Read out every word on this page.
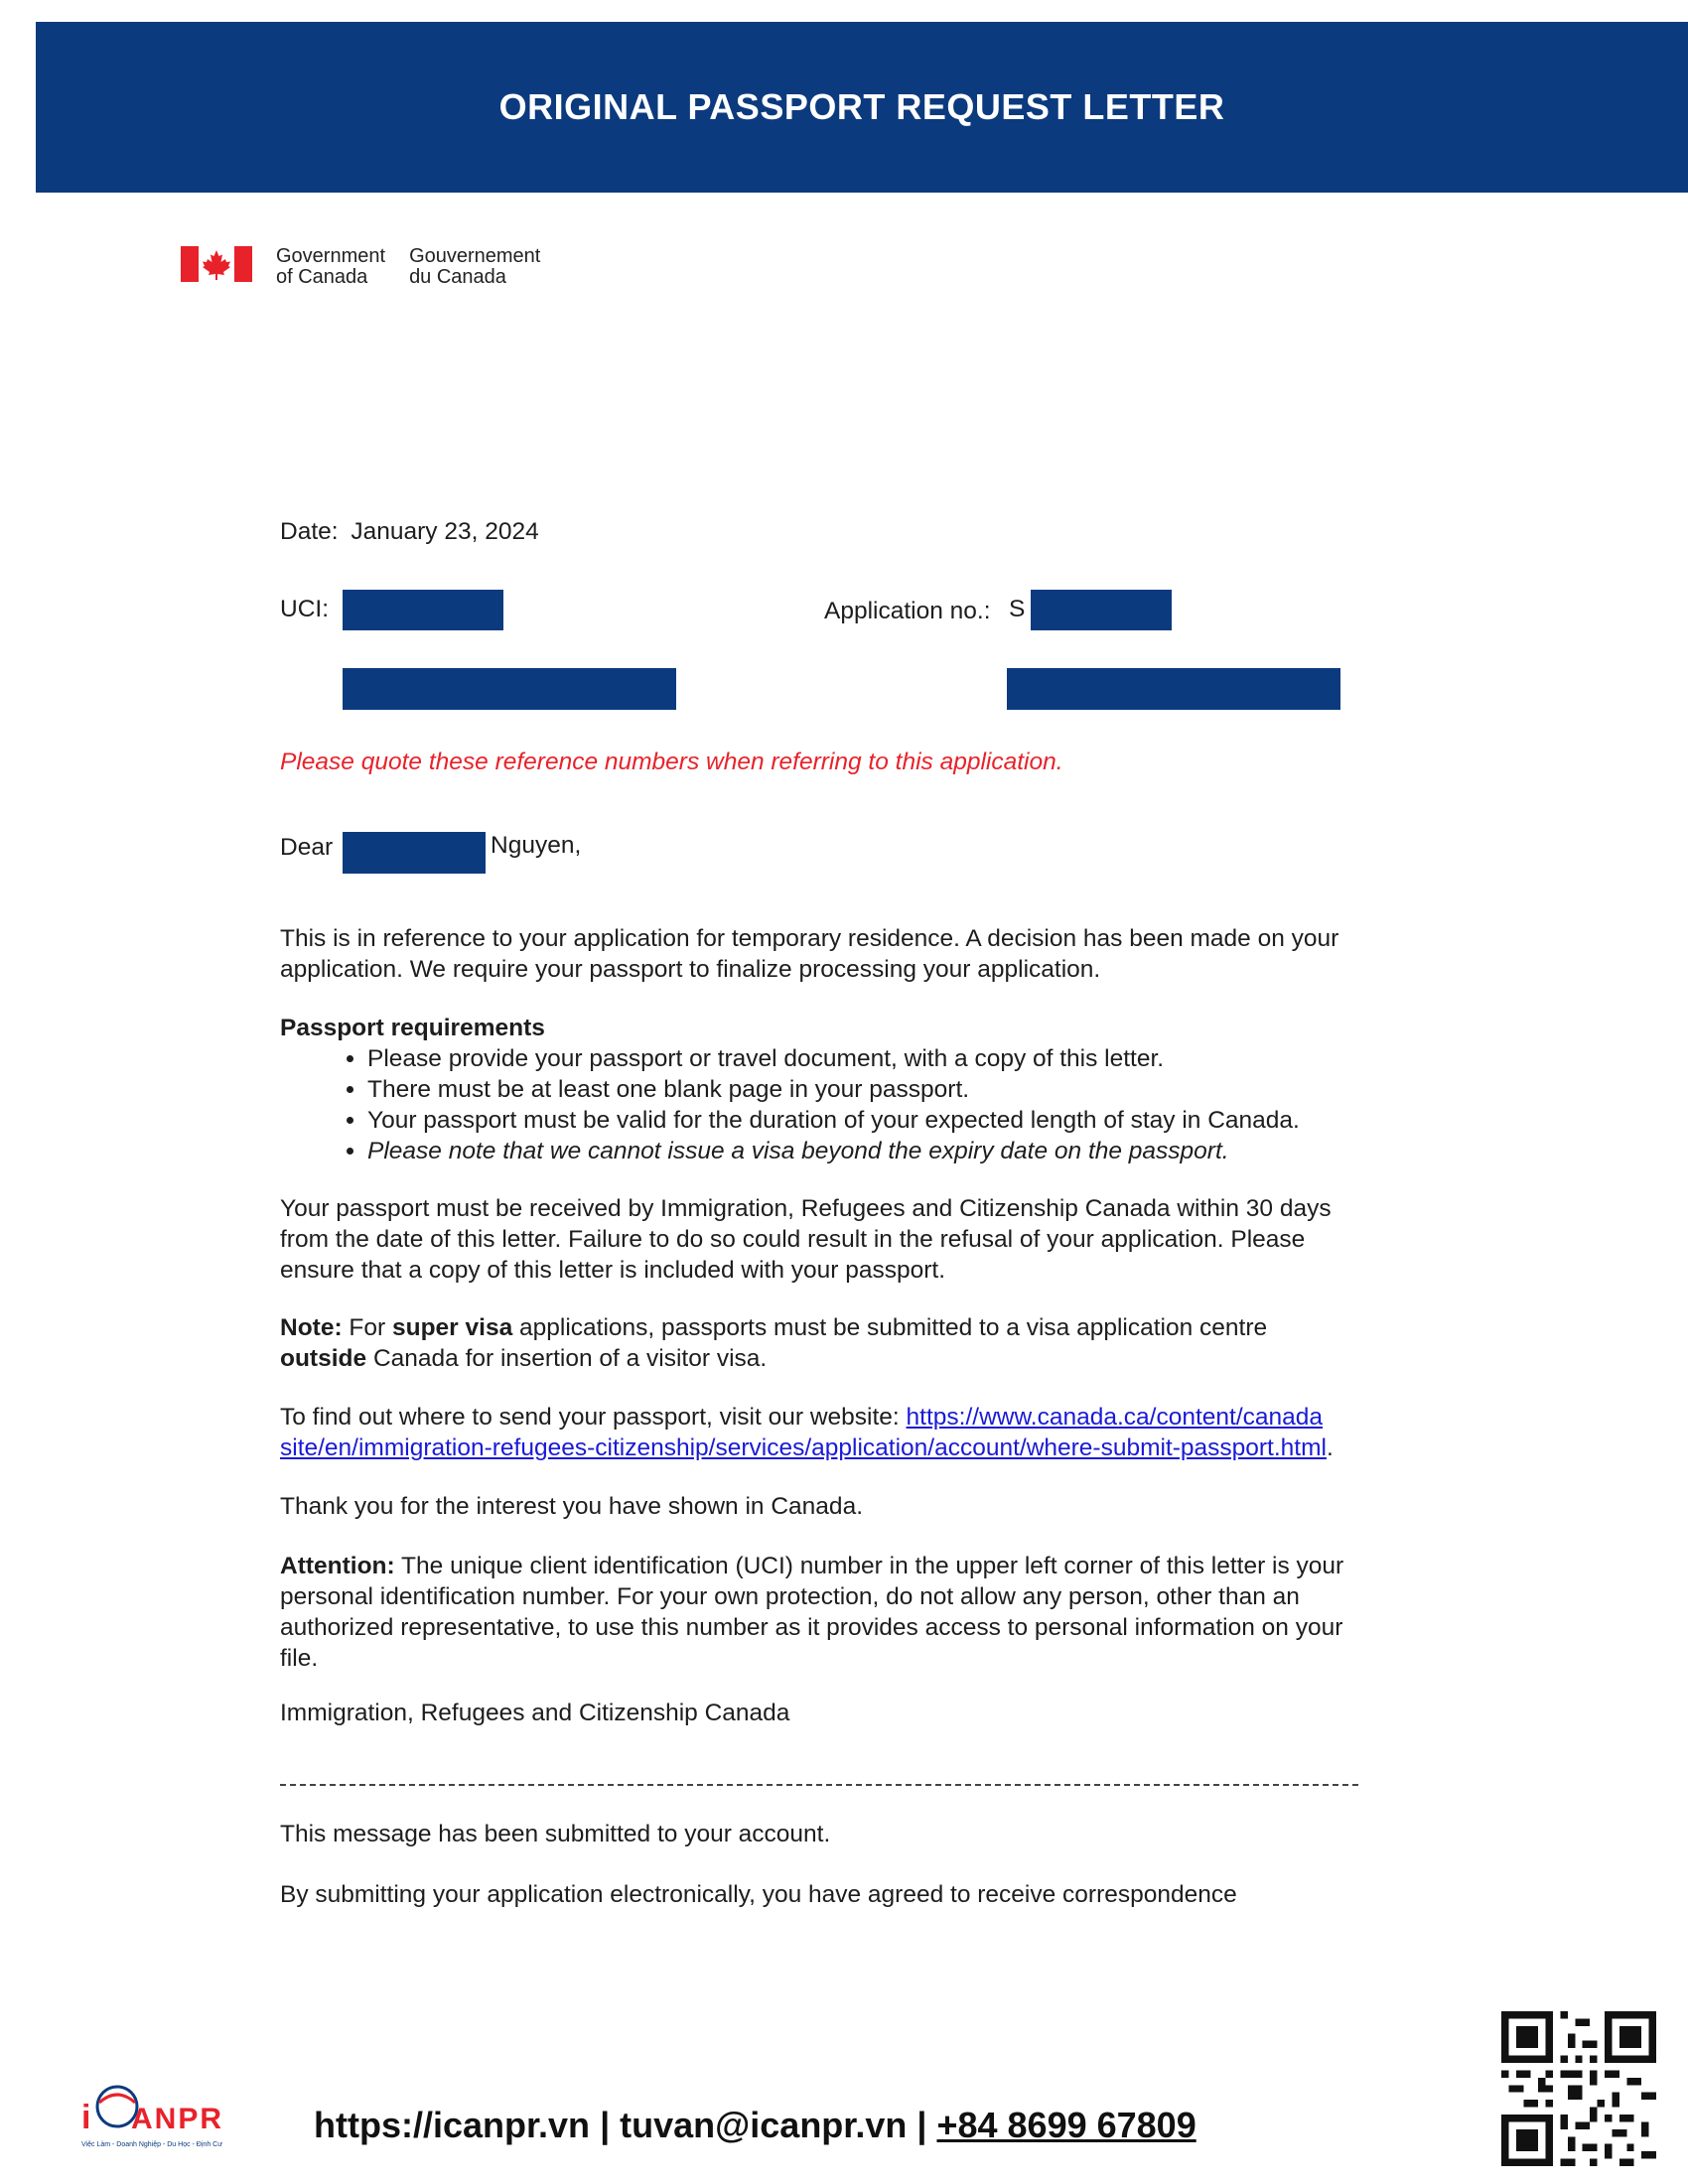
ORIGINAL PASSPORT REQUEST LETTER
Government
of Canada
Gouvernement
du Canada
Date: January 23, 2024
UCI:	Application no.: S
Please quote these reference numbers when referring to this application.
Dear	Nguyen,
This is in reference to your application for temporary residence. A decision has been made on your application. We require your passport to finalize processing your application.
Passport requirements
• Please provide your passport or travel document, with a copy of this letter.
• There must be at least one blank page in your passport.
• Your passport must be valid for the duration of your expected length of stay in Canada.
• Please note that we cannot issue a visa beyond the expiry date on the passport.
Your passport must be received by Immigration, Refugees and Citizenship Canada within 30 days from the date of this letter. Failure to do so could result in the refusal of your application. Please ensure that a copy of this letter is included with your passport.
Note: For super visa applications, passports must be submitted to a visa application centre outside Canada for insertion of a visitor visa.
To find out where to send your passport, visit our website: https://www.canada.ca/content/canada
site/en/immigration-refugees-citizenship/services/application/account/where-submit-passport.html.
Thank you for the interest you have shown in Canada.
Attention: The unique client identification (UCI) number in the upper left corner of this letter is your personal identification number. For your own protection, do not allow any person, other than an authorized representative, to use this number as it provides access to personal information on your file.
Immigration, Refugees and Citizenship Canada
This message has been submitted to your account.
By submitting your application electronically, you have agreed to receive correspondence
i ANPR
Việc Làm - Doanh Nghiệp - Du Học - Định Cư	https://icanpr.vn | tuvan@icanpr.vn | +84 8699 67809
